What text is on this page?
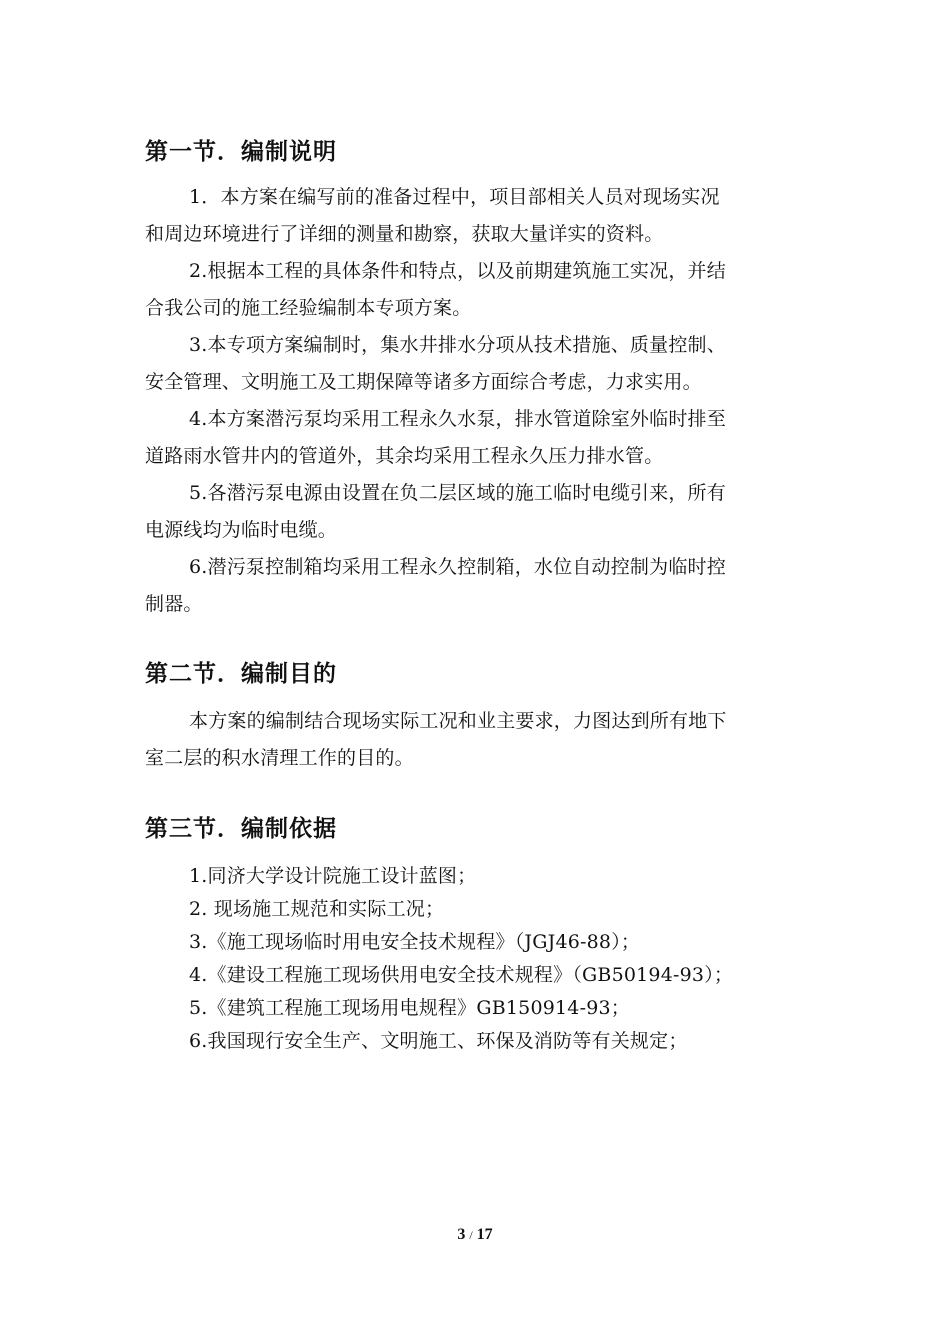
第一节．编制说明
1．本方案在编写前的准备过程中，项目部相关人员对现场实况
和周边环境进行了详细的测量和勘察，获取大量详实的资料。
2.根据本工程的具体条件和特点，以及前期建筑施工实况，并结
合我公司的施工经验编制本专项方案。
3.本专项方案编制时，集水井排水分项从技术措施、质量控制、
安全管理、文明施工及工期保障等诸多方面综合考虑，力求实用。
4.本方案潜污泵均采用工程永久水泵，排水管道除室外临时排至
道路雨水管井内的管道外，其余均采用工程永久压力排水管。
5.各潜污泵电源由设置在负二层区域的施工临时电缆引来，所有
电源线均为临时电缆。
6.潜污泵控制箱均采用工程永久控制箱，水位自动控制为临时控
制器。
第二节．编制目的
本方案的编制结合现场实际工况和业主要求，力图达到所有地下
室二层的积水清理工作的目的。
第三节．编制依据
1.同济大学设计院施工设计蓝图；
2. 现场施工规范和实际工况；
3.《施工现场临时用电安全技术规程》（JGJ46-88）；
4.《建设工程施工现场供用电安全技术规程》（GB50194-93）；
5.《建筑工程施工现场用电规程》GB150914-93；
6.我国现行安全生产、文明施工、环保及消防等有关规定；
3 / 17
